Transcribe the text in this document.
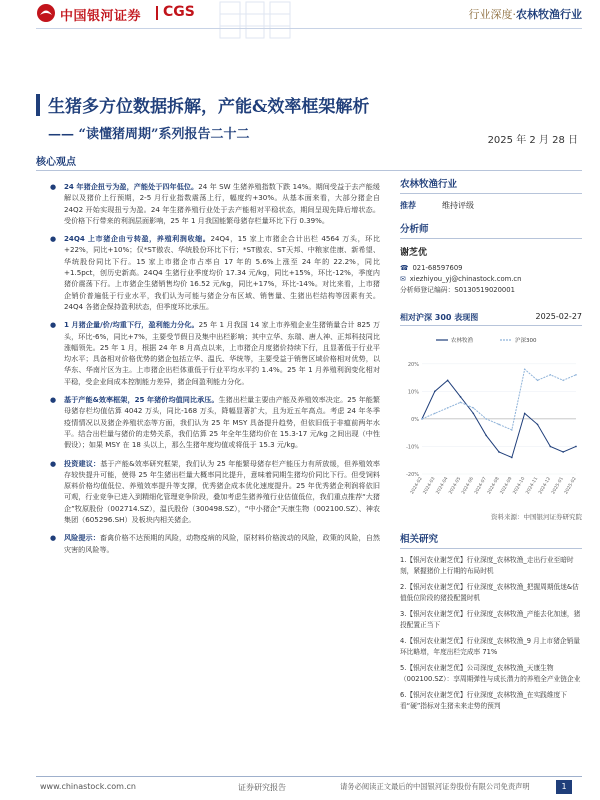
中国银河证券 CGS	行业深度·农林牧渔行业
生猪多方位数据拆解，产能&效率框架解析
—— “读懂猪周期”系列报告二十二	2025 年 2 月 28 日
核心观点
● 24 年猪企扭亏为盈，产能处于四年低位。24 年 SW 生猪养殖指数下跌 14%。期间受益于去产能缓解以及猪价上行预期，2-5 月行业指数震荡上行，幅度约+30%。从基本面来看，大部分猪企自 24Q2 开始实现扭亏为盈。24 年生猪养殖行业处于去产能相对平稳状态，期间呈现先降后增状态。受价格下行带来的利润层面影响，25 年 1 月我国能繁母猪存栏量环比下行 0.39%。
● 24Q4 上市猪企由亏转盈，养殖利润收缩。24Q4，15 家上市猪企合计出栏 4564 万头，环比+22%，同比+10%；仅*ST傲农、华统股份环比下行；*ST傲农、ST天邦、中粮家佳康、新希望、华统股份同比下行。15 家上市猪企市占率自 17 年的 5.6%上涨至 24 年的 22.2%，同比+1.5pct，创历史新高。24Q4 生猪行业季度均价 17.34 元/kg，同比+15%，环比-12%，季度内猪价震荡下行。上市猪企生猪销售均价 16.52 元/kg，同比+17%，环比-14%。对比来看，上市猪企销价普遍低于行业水平，我们认为可能与猪企分布区域、销售量、生猪出栏结构等因素有关。24Q4 各猪企保持盈利状态，但季度环比承压。
● 1 月猪企量/价/均重下行，盈利能力分化。25 年 1 月我国 14 家上市养殖企业生猪销量合计 825 万头，环比-6%，同比+7%，主要受节假日及集中出栏影响；其中立华、东瑞、唐人神、正邦科技同比涨幅领先。25 年 1 月，根据 24 年 8 月高点以来，上市猪企月度猪价持续下行，且显著低于行业平均水平；具备相对价格优势的猪企包括立华、温氏、华统等，主要受益于销售区域价格相对优势，以华东、华南片区为主。上市猪企出栏体重低于行业平均水平约 1.4%。25 年 1 月养殖利润变化相对平稳，受企业间成本控制能力差异，猪企间盈利能力分化。
● 基于产能&效率框架，25 年猪价均值同比承压。生猪出栏量主要由产能及养殖效率决定。25 年能繁母猪存栏均值估算 4042 万头，同比-168 万头，降幅显著扩大，且为近五年高点。考虑 24 年冬季疫情情况以及猪企养殖状态等方面，我们认为 25 年 MSY 具备提升趋势，但依旧低于非瘟前两年水平。结合出栏量与猪价的走势关系，我们估算 25 年全年生猪均价在 15.3-17 元/kg 之间出现（中性假设）；如果 MSY 在 18 头以上，那么生猪年度均值或将低于 15.3 元/kg。
● 投资建议：基于产能&效率研究框架，我们认为 25 年能繁母猪存栏产能压力有所放缓，但养殖效率存较快提升可能，使得 25 年生猪出栏量大概率同比提升，意味着同期生猪均价同比下行。但受饲料原料价格均值低位、养殖效率提升等支撑，优秀猪企成本优化速度提升。25 年优秀猪企利润将依旧可观，行业竞争已进入到精细化管理竞争阶段，叠加考虑生猪养殖行业估值低位，我们重点推荐“大猪企”牧原股份（002714.SZ），温氏股份（300498.SZ），“中小猪企”天康生物（002100.SZ）、神农集团（605296.SH）及板块内相关猪企。
● 风险提示：畜禽价格不达预期的风险，动物疫病的风险，原材料价格波动的风险，政策的风险，自然灾害的风险等。
农林牧渔行业
推荐	维持评级
分析师
谢芝优
☎ 021-68597609
✉ xiezhiyou_yj@chinastock.com.cn
分析师登记编码：S0130519020001
相对沪深 300 表现图	2025-02-27
-20%
-10%
0%
10%
20%
2024-02 2024-03 2024-04 2024-05 2024-06 2024-07 2024-08 2024-09 2024-10 2024-11 2024-12 2025-01 2025-02
农林牧渔	沪深300
资料来源：中国银河证券研究院
相关研究
1.【银河农业谢芝优】行业深度_农林牧渔_走出行业至暗时刻，紧握猪价上行期的布局时机
2.【银河农业谢芝优】行业深度_农林牧渔_把握周期低迷&估值低位阶段的猪投配置时机
3.【银河农业谢芝优】行业深度_农林牧渔_产能去化加速，猪投配置正当下
4.【银河农业谢芝优】行业深度_农林牧渔_9 月上市猪企销量环比略增，年度出栏完成率 71%
5.【银河农业谢芝优】公司深度_农林牧渔_天康生物（002100.SZ）：享周期弹性与成长潜力的养殖全产业链企业
6.【银河农业谢芝优】行业深度_农林牧渔_在实践维度下看“硬”指标对生猪未来走势的预判
www.chinastock.com.cn	证券研究报告	请务必阅读正文最后的中国银河证券股份有限公司免责声明	1
